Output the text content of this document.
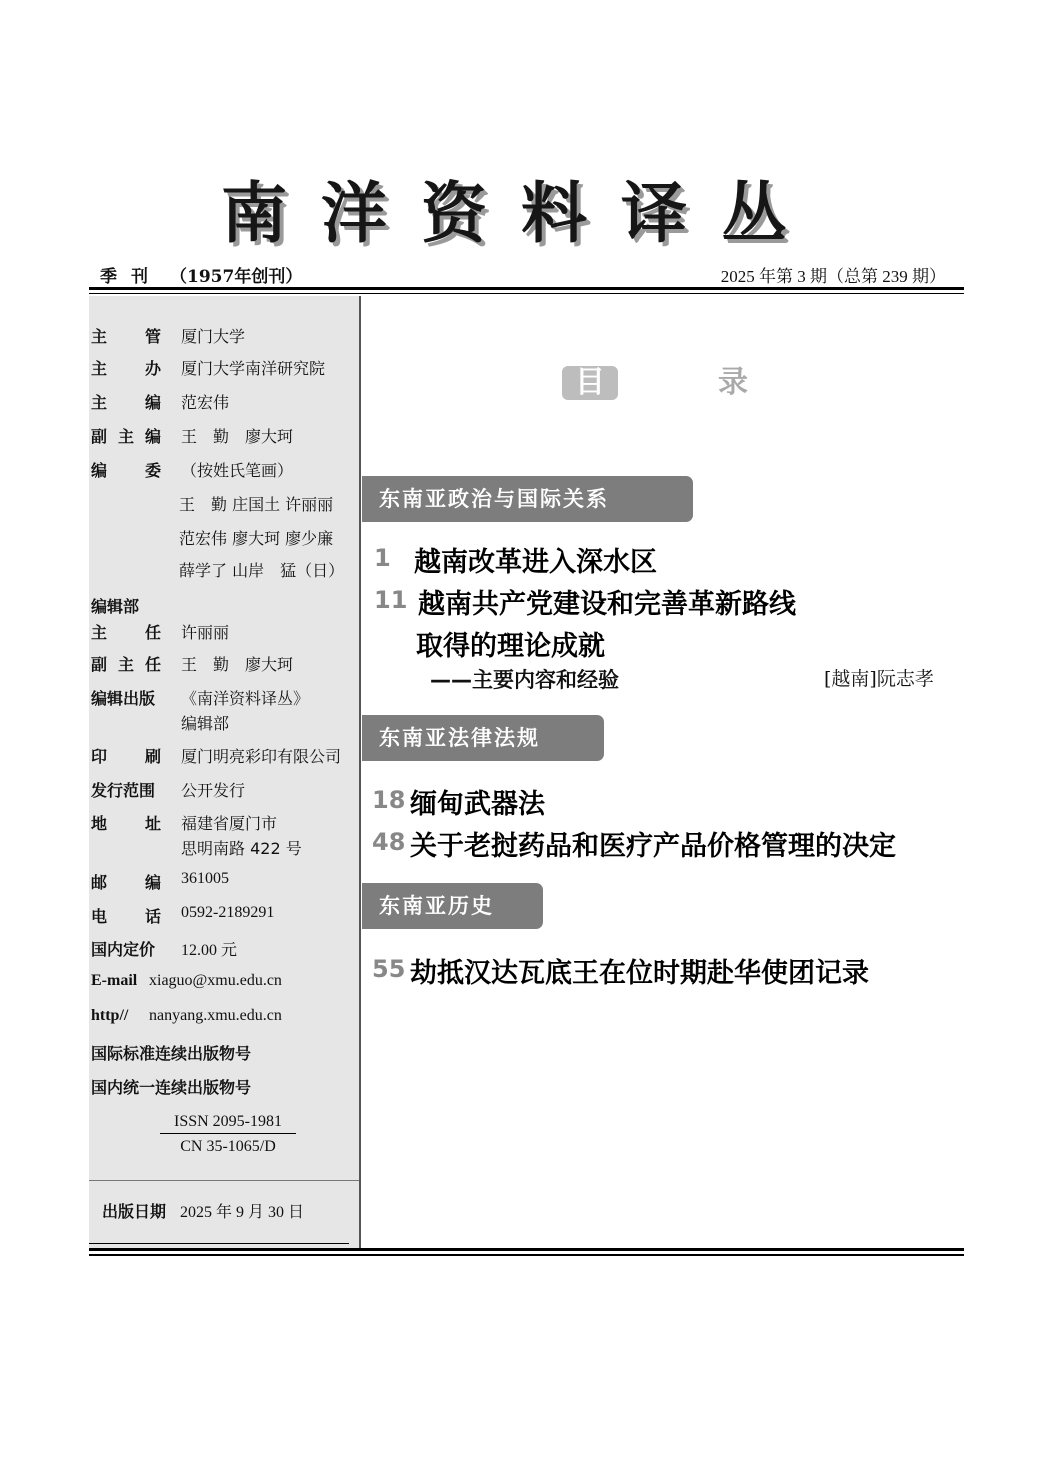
南洋资料译丛
季刊 （1957年创刊）	2025 年第 3 期（总第 239 期）
主 管 厦门大学
主 办 厦门大学南洋研究院
主 编 范宏伟
副 主 编 王　勤　廖大珂
编 委 （按姓氏笔画）
王　勤 庄国土 许丽丽
范宏伟 廖大珂 廖少廉
薛学了 山岸　猛（日）
编辑部
主 任 许丽丽
副 主 任 王　勤　廖大珂
编辑出版	《南洋资料译丛》
编辑部
印 刷 厦门明亮彩印有限公司
发行范围	公开发行
地 址 福建省厦门市
思明南路 422 号
邮 编 361005
电 话 0592-2189291
国内定价	12.00 元
E-mail xiaguo@xmu.edu.cn
http//	nanyang.xmu.edu.cn
国际标准连续出版物号
国内统一连续出版物号
ISSN 2095-1981
CN 35-1065/D
出版日期 2025 年 9 月 30 日
目	录
东南亚政治与国际关系
1 越南改革进入深水区
11 越南共产党建设和完善革新路线
取得的理论成就
——主要内容和经验	[越南]阮志孝
东南亚法律法规
18 缅甸武器法
48 关于老挝药品和医疗产品价格管理的决定
东南亚历史
55 劫抵汉达瓦底王在位时期赴华使团记录
